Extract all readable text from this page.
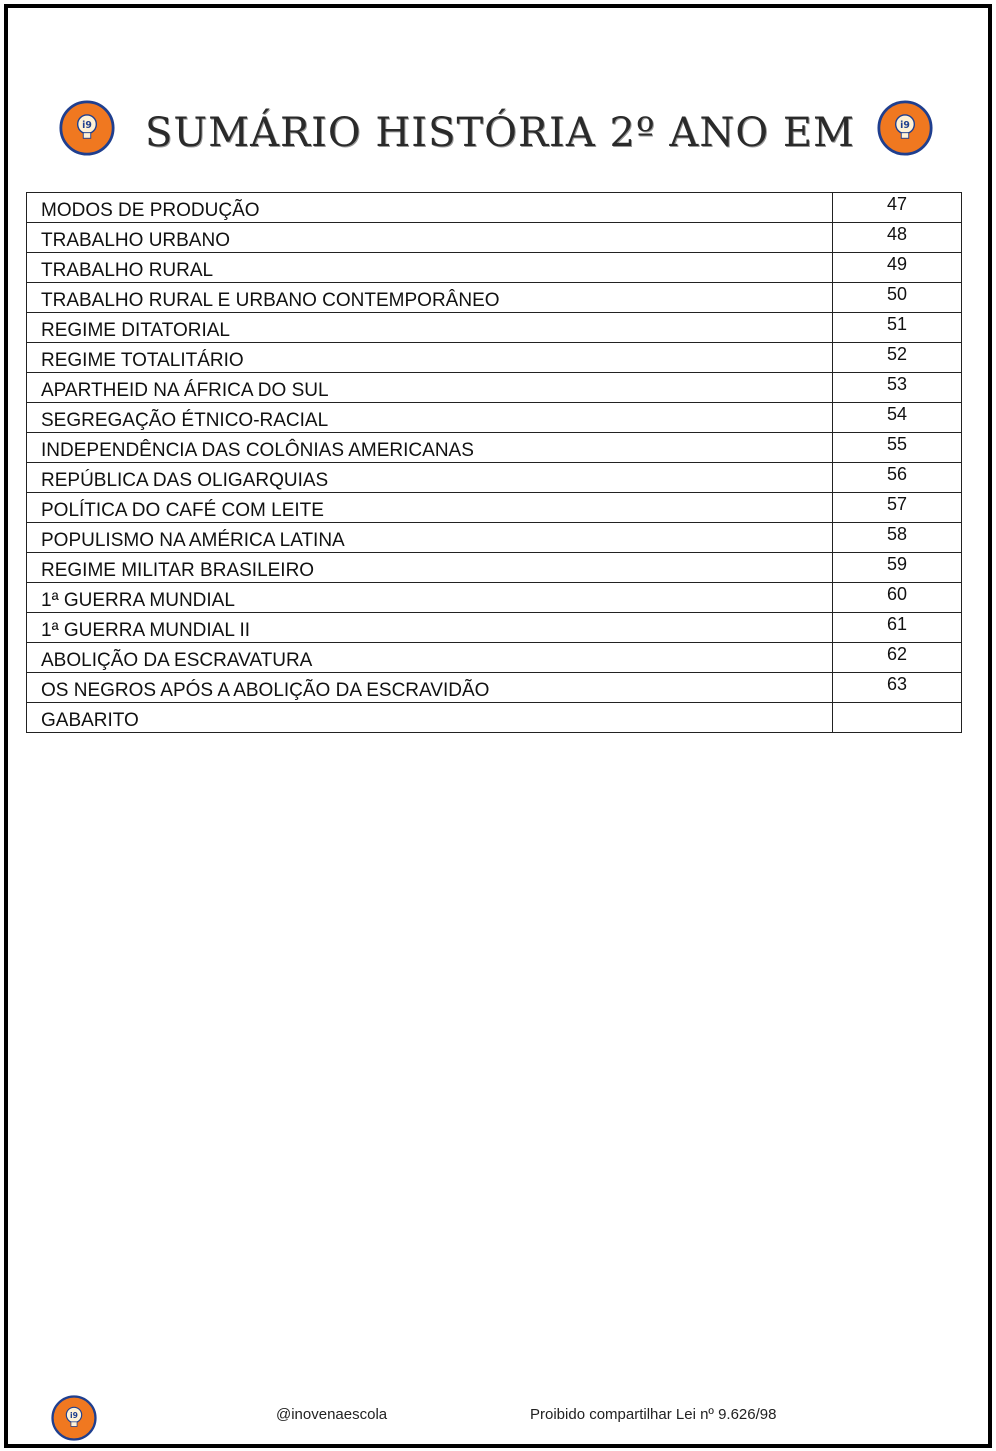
i9	i9
SUMÁRIO HISTÓRIA 2º ANO EM
MODOS DE PRODUÇÃO	47
TRABALHO URBANO	48
TRABALHO RURAL	49
TRABALHO RURAL E URBANO CONTEMPORÂNEO	50
REGIME DITATORIAL	51
REGIME TOTALITÁRIO	52
APARTHEID NA ÁFRICA DO SUL	53
SEGREGAÇÃO ÉTNICO-RACIAL	54
INDEPENDÊNCIA DAS COLÔNIAS AMERICANAS	55
REPÚBLICA DAS OLIGARQUIAS	56
POLÍTICA DO CAFÉ COM LEITE	57
POPULISMO NA AMÉRICA LATINA	58
REGIME MILITAR BRASILEIRO	59
1ª GUERRA MUNDIAL	60
1ª GUERRA MUNDIAL II	61
ABOLIÇÃO DA ESCRAVATURA	62
OS NEGROS APÓS A ABOLIÇÃO DA ESCRAVIDÃO	63
GABARITO	
i9	@inovenaescola	Proibido compartilhar Lei nº 9.626/98
